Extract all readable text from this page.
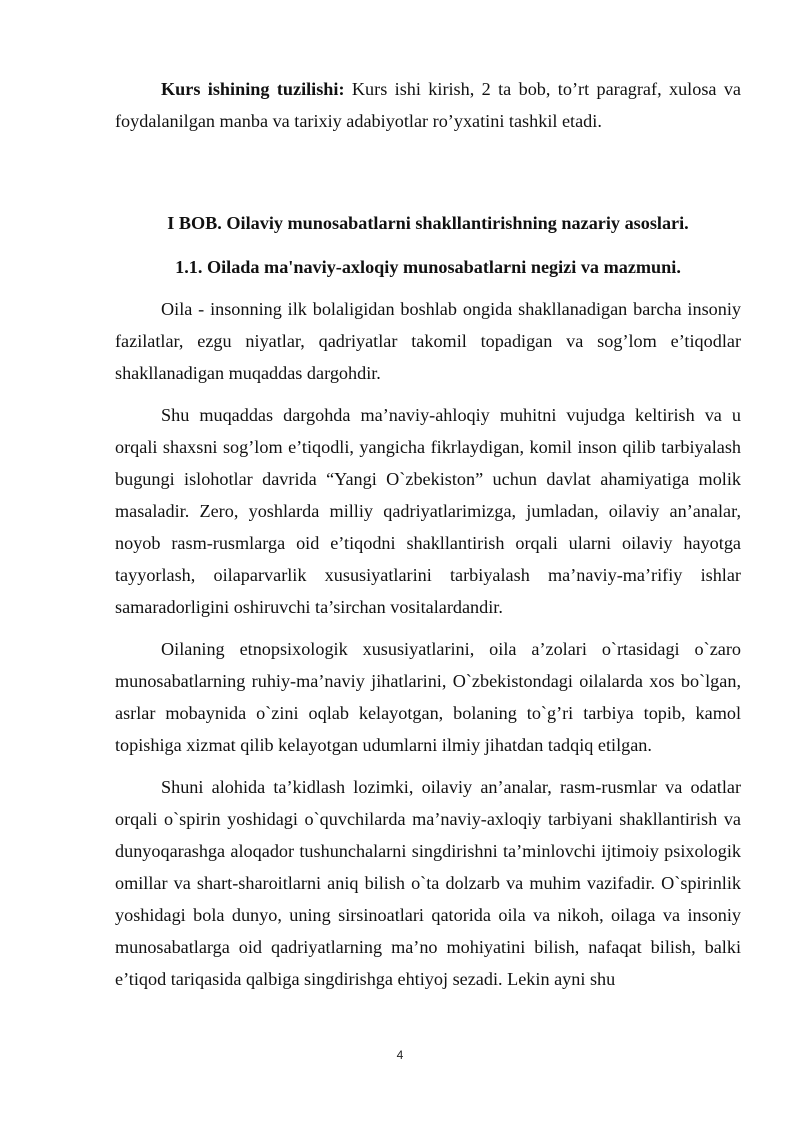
Kurs ishining tuzilishi: Kurs ishi kirish, 2 ta bob, to’rt paragraf, xulosa va foydalanilgan manba va tarixiy adabiyotlar ro’yxatini tashkil etadi.

I BOB. Oilaviy munosabatlarni shakllantirishning nazariy asoslari.

1.1. Oilada ma'naviy-axloqiy munosabatlarni negizi va mazmuni.

Oila - insonning ilk bolaligidan boshlab ongida shakllanadigan barcha insoniy fazilatlar, ezgu niyatlar, qadriyatlar takomil topadigan va sog’lom e’tiqodlar shakllanadigan muqaddas dargohdir.

Shu muqaddas dargohda ma’naviy-ahloqiy muhitni vujudga keltirish va u orqali shaxsni sog’lom e’tiqodli, yangicha fikrlaydigan, komil inson qilib tarbiyalash bugungi islohotlar davrida “Yangi O`zbekiston” uchun davlat ahamiyatiga molik masaladir. Zero, yoshlarda milliy qadriyatlarimizga, jumladan, oilaviy an’analar, noyob rasm-rusmlarga oid e’tiqodni shakllantirish orqali ularni oilaviy hayotga tayyorlash, oilaparvarlik xususiyatlarini tarbiyalash ma’naviy-ma’rifiy ishlar samaradorligini oshiruvchi ta’sirchan vositalardandir.

Oilaning etnopsixologik xususiyatlarini, oila a’zolari o`rtasidagi o`zaro munosabatlarning ruhiy-ma’naviy jihatlarini, O`zbekistondagi oilalarda xos bo`lgan, asrlar mobaynida o`zini oqlab kelayotgan, bolaning to`g’ri tarbiya topib, kamol topishiga xizmat qilib kelayotgan udumlarni ilmiy jihatdan tadqiq etilgan.

Shuni alohida ta’kidlash lozimki, oilaviy an’analar, rasm-rusmlar va odatlar orqali o`spirin yoshidagi o`quvchilarda ma’naviy-axloqiy tarbiyani shakllantirish va dunyoqarashga aloqador tushunchalarni singdirishni ta’minlovchi ijtimoiy psixologik omillar va shart-sharoitlarni aniq bilish o`ta dolzarb va muhim vazifadir. O`spirinlik yoshidagi bola dunyo, uning sirsinoatlari qatorida oila va nikoh, oilaga va insoniy munosabatlarga oid qadriyatlarning ma’no mohiyatini bilish, nafaqat bilish, balki e’tiqod tariqasida qalbiga singdirishga ehtiyoj sezadi. Lekin ayni shu

4
